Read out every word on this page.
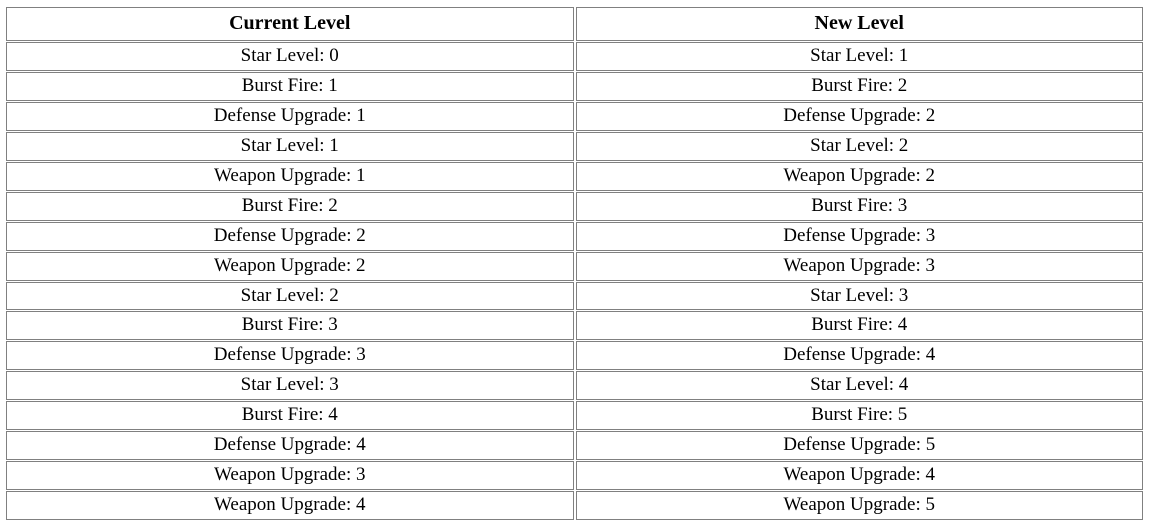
Current Level	New Level
Star Level: 0	Star Level: 1
Burst Fire: 1	Burst Fire: 2
Defense Upgrade: 1	Defense Upgrade: 2
Star Level: 1	Star Level: 2
Weapon Upgrade: 1	Weapon Upgrade: 2
Burst Fire: 2	Burst Fire: 3
Defense Upgrade: 2	Defense Upgrade: 3
Weapon Upgrade: 2	Weapon Upgrade: 3
Star Level: 2	Star Level: 3
Burst Fire: 3	Burst Fire: 4
Defense Upgrade: 3	Defense Upgrade: 4
Star Level: 3	Star Level: 4
Burst Fire: 4	Burst Fire: 5
Defense Upgrade: 4	Defense Upgrade: 5
Weapon Upgrade: 3	Weapon Upgrade: 4
Weapon Upgrade: 4	Weapon Upgrade: 5
